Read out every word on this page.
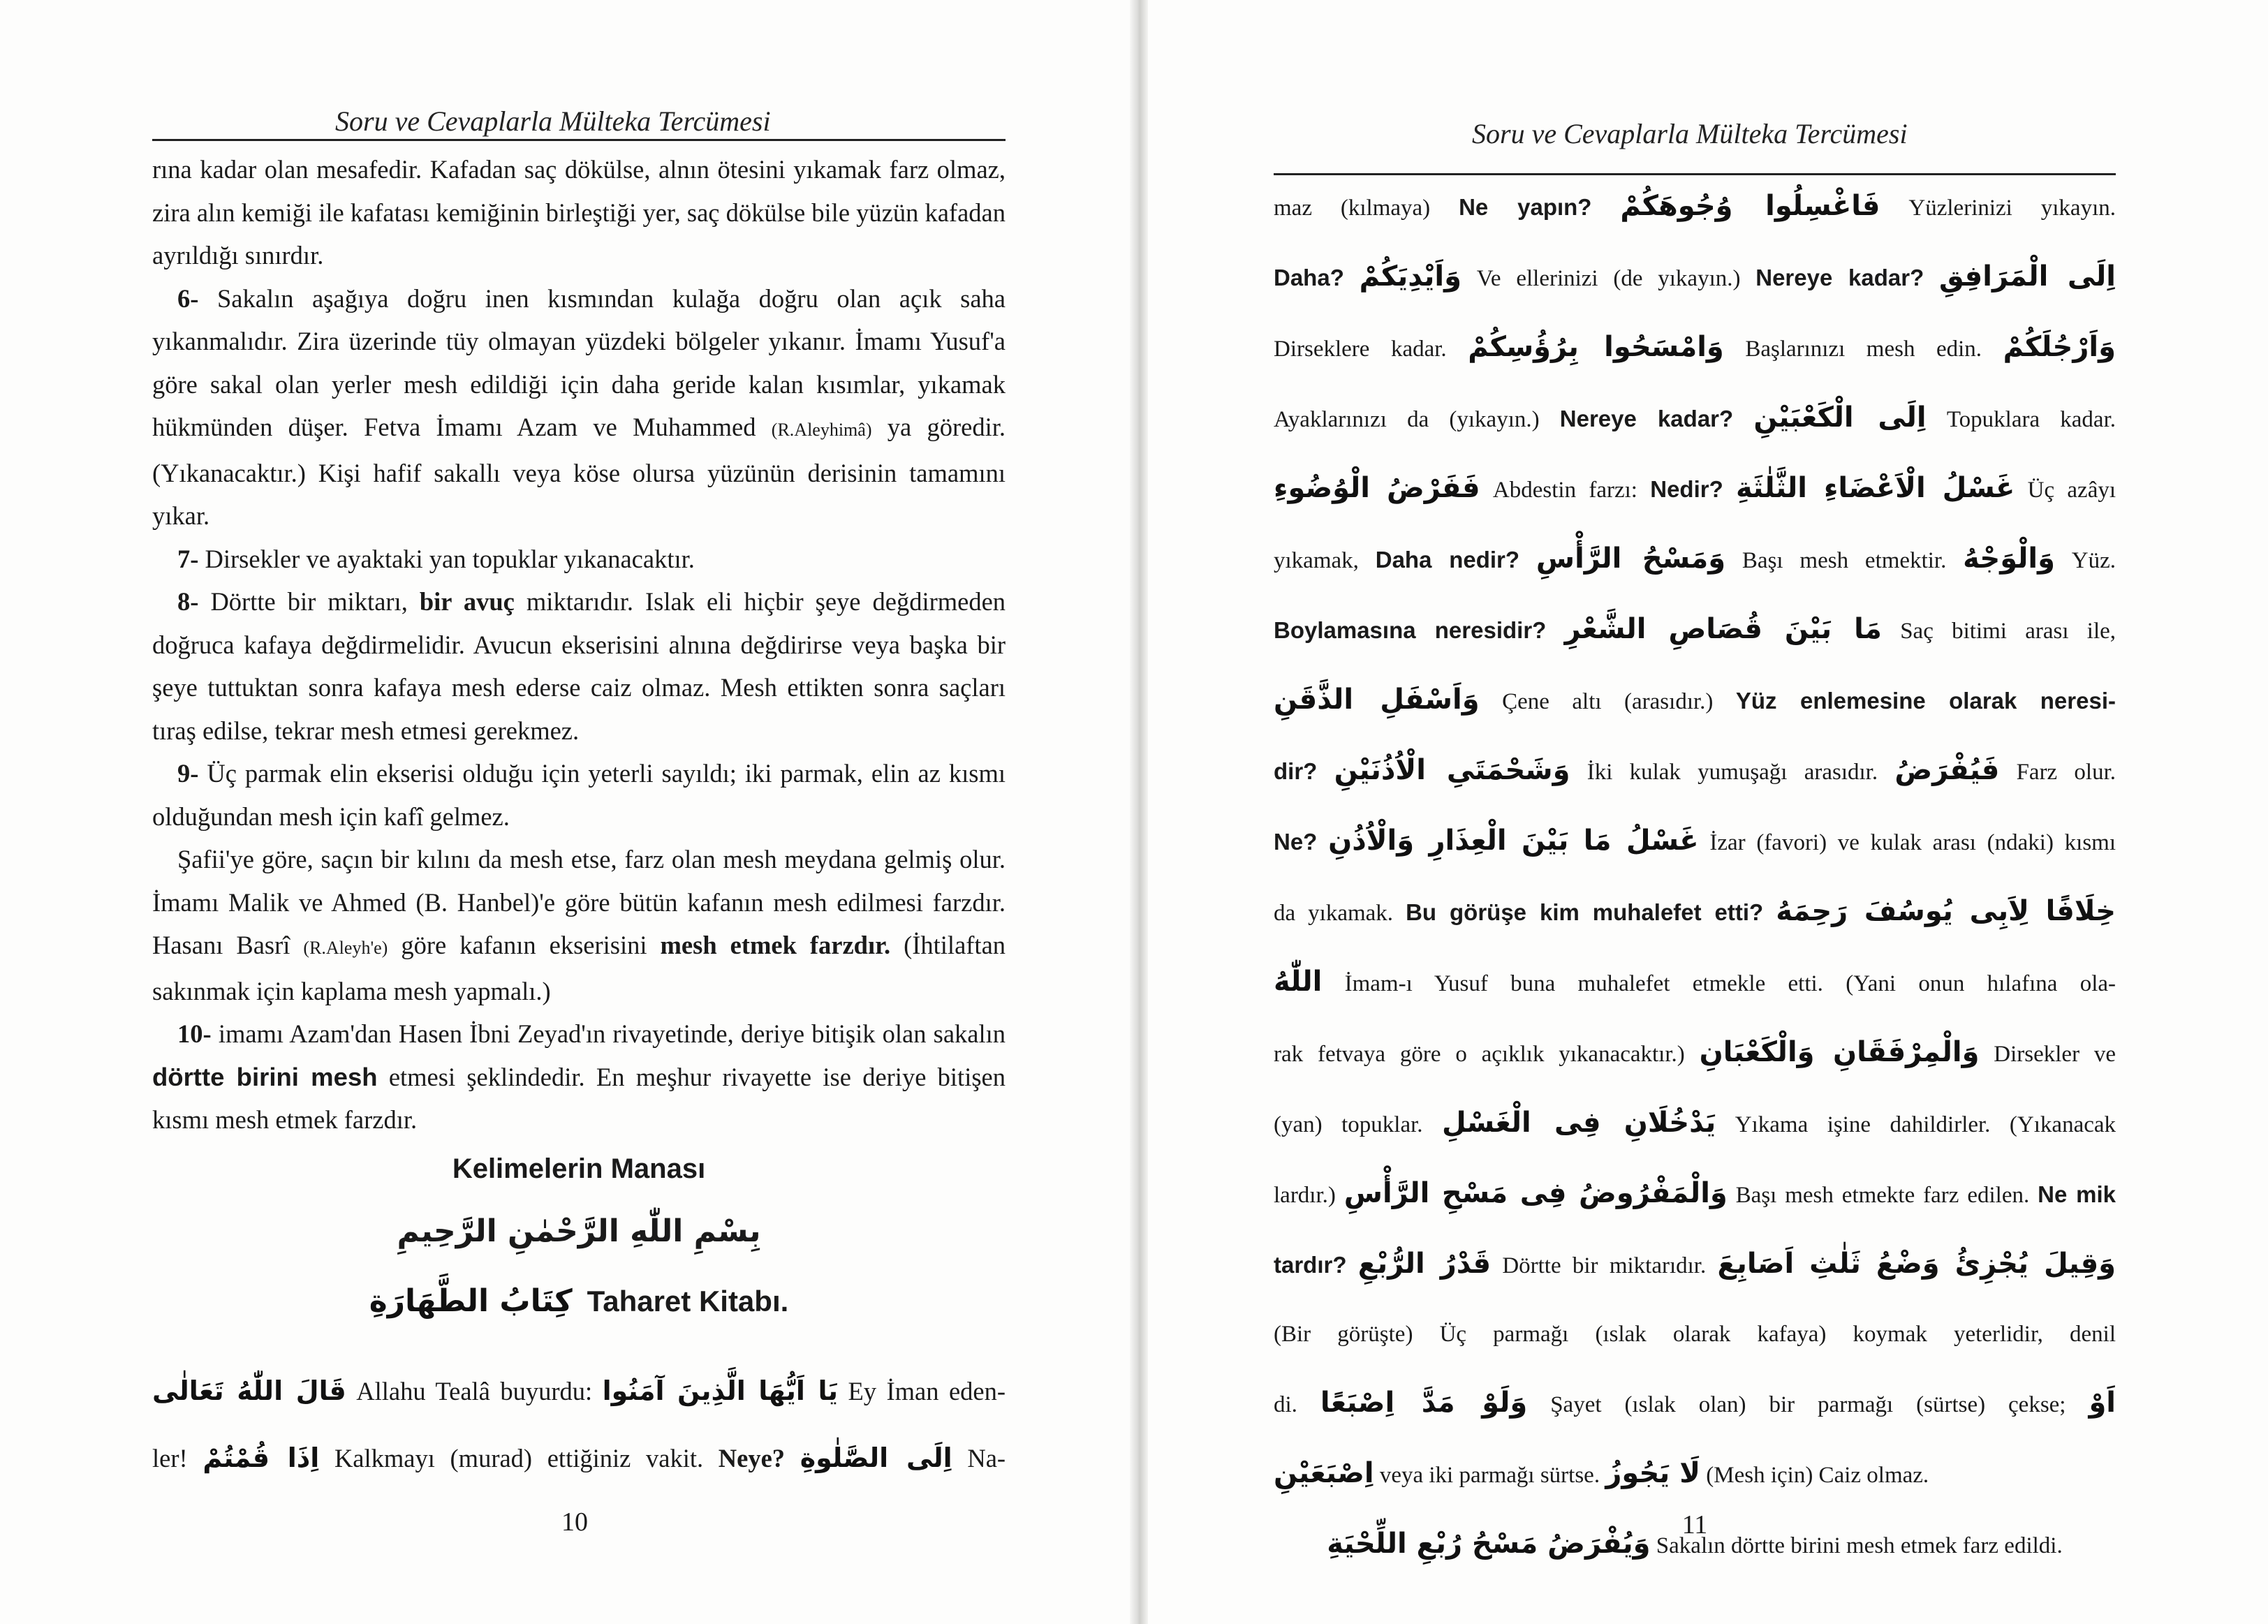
Soru ve Cevaplarla Mülteka Tercümesi

rına kadar olan mesafedir. Kafadan saç dökülse, alnın ötesini yıkamak farz olmaz, zira alın kemiği ile kafatası kemiğinin birleştiği yer, saç dökülse bile yüzün kafadan ayrıldığı sınırdır.

6- Sakalın aşağıya doğru inen kısmından kulağa doğru olan açık saha yıkanmalıdır. Zira üzerinde tüy olmayan yüzdeki bölgeler yıkanır. İmamı Yusuf'a göre sakal olan yerler mesh edildiği için daha geride kalan kısımlar, yıkamak hükmünden düşer. Fetva İmamı Azam ve Muhammed (R.Aleyhimâ) ya göredir. (Yıkanacaktır.) Kişi hafif sakallı veya köse olursa yüzünün derisinin tamamını yıkar.

7- Dirsekler ve ayaktaki yan topuklar yıkanacaktır.

8- Dörtte bir miktarı, bir avuç miktarıdır. Islak eli hiçbir şeye değdirmeden doğruca kafaya değdirmelidir. Avucun ekserisini alnına değdirirse veya başka bir şeye tuttuktan sonra kafaya mesh ederse caiz olmaz. Mesh ettikten sonra saçları tıraş edilse, tekrar mesh etmesi gerekmez.

9- Üç parmak elin ekserisi olduğu için yeterli sayıldı; iki parmak, elin az kısmı olduğundan mesh için kafî gelmez.

Şafii'ye göre, saçın bir kılını da mesh etse, farz olan mesh meydana gelmiş olur. İmamı Malik ve Ahmed (B. Hanbel)'e göre bütün kafanın mesh edilmesi farzdır. Hasanı Basrî (R.Aleyh'e) göre kafanın ekserisini mesh etmek farzdır. (İhtilaftan sakınmak için kaplama mesh yapmalı.)

10- imamı Azam'dan Hasen İbni Zeyad'ın rivayetinde, deriye bitişik olan sakalın dörtte birini mesh etmesi şeklindedir. En meşhur rivayette ise deriye bitişen kısmı mesh etmek farzdır.

Kelimelerin Manası
بِسْمِ اللّٰهِ الرَّحْمٰنِ الرَّحِيمِ
كِتَابُ الطَّهَارَةِ Taharet Kitabı.
قَالَ اللّٰهُ تَعَالٰى Allahu Tealâ buyurdu: يَا اَيُّهَا الَّذِينَ آمَنُوا Ey İman eden-
ler! اِذَا قُمْتُمْ Kalkmayı (murad) ettiğiniz vakit. Neye? اِلَى الصَّلٰوةِ Na-
10
Soru ve Cevaplarla Mülteka Tercümesi
maz (kılmaya) Ne yapın? فَاغْسِلُوا وُجُوهَكُمْ Yüzlerinizi yıkayın.
Daha? وَاَيْدِيَكُمْ Ve ellerinizi (de yıkayın.) Nereye kadar? اِلَى الْمَرَافِقِ
Dirseklere kadar. وَامْسَحُوا بِرُؤُسِكُمْ Başlarınızı mesh edin. وَاَرْجُلَكُمْ
Ayaklarınızı da (yıkayın.) Nereye kadar? اِلَى الْكَعْبَيْنِ Topuklara kadar.
فَفَرْضُ الْوُضُوءِ Abdestin farzı: Nedir? غَسْلُ الْاَعْضَاءِ الثَّلٰثَةِ Üç azâyı
yıkamak, Daha nedir? وَمَسْحُ الرَّأْسِ Başı mesh etmektir. وَالْوَجْهُ Yüz.
Boylamasına neresidir? مَا بَيْنَ قُصَاصِ الشَّعْرِ Saç bitimi arası ile,
وَاَسْفَلِ الذَّقَنِ Çene altı (arasıdır.) Yüz enlemesine olarak neresi-
dir? وَشَحْمَتَىِ الْاُذُنَيْنِ İki kulak yumuşağı arasıdır. فَيُفْرَضُ Farz olur.
Ne? غَسْلُ مَا بَيْنَ الْعِذَارِ وَالْاُذُنِ İzar (favori) ve kulak arası (ndaki) kısmı
da yıkamak. Bu görüşe kim muhalefet etti? خِلَافًا لِاَبِى يُوسُفَ رَحِمَهُ
اللّٰهُ İmam-ı Yusuf buna muhalefet etmekle etti. (Yani onun hılafına ola-
rak fetvaya göre o açıklık yıkanacaktır.) وَالْمِرْفَقَانِ وَالْكَعْبَانِ Dirsekler ve
(yan) topuklar. يَدْخُلَانِ فِى الْغَسْلِ Yıkama işine dahildirler. (Yıkanacak
lardır.) وَالْمَفْرُوضُ فِى مَسْحِ الرَّأْسِ Başı mesh etmekte farz edilen. Ne mik
tardır? قَدْرُ الرُّبْعِ Dörtte bir miktarıdır. وَقِيلَ يُجْزِئُ وَضْعُ ثَلٰثِ اَصَابِعَ
(Bir görüşte) Üç parmağı (ıslak olarak kafaya) koymak yeterlidir, denil
di. وَلَوْ مَدَّ اِصْبَعًا Şayet (ıslak olan) bir parmağı (sürtse) çekse; اَوْ
اِصْبَعَيْنِ veya iki parmağı sürtse. لَا يَجُوزُ (Mesh için) Caiz olmaz.
وَيُفْرَضُ مَسْحُ رُبْعِ اللِّحْيَةِ Sakalın dörtte birini mesh etmek farz edildi.
11
